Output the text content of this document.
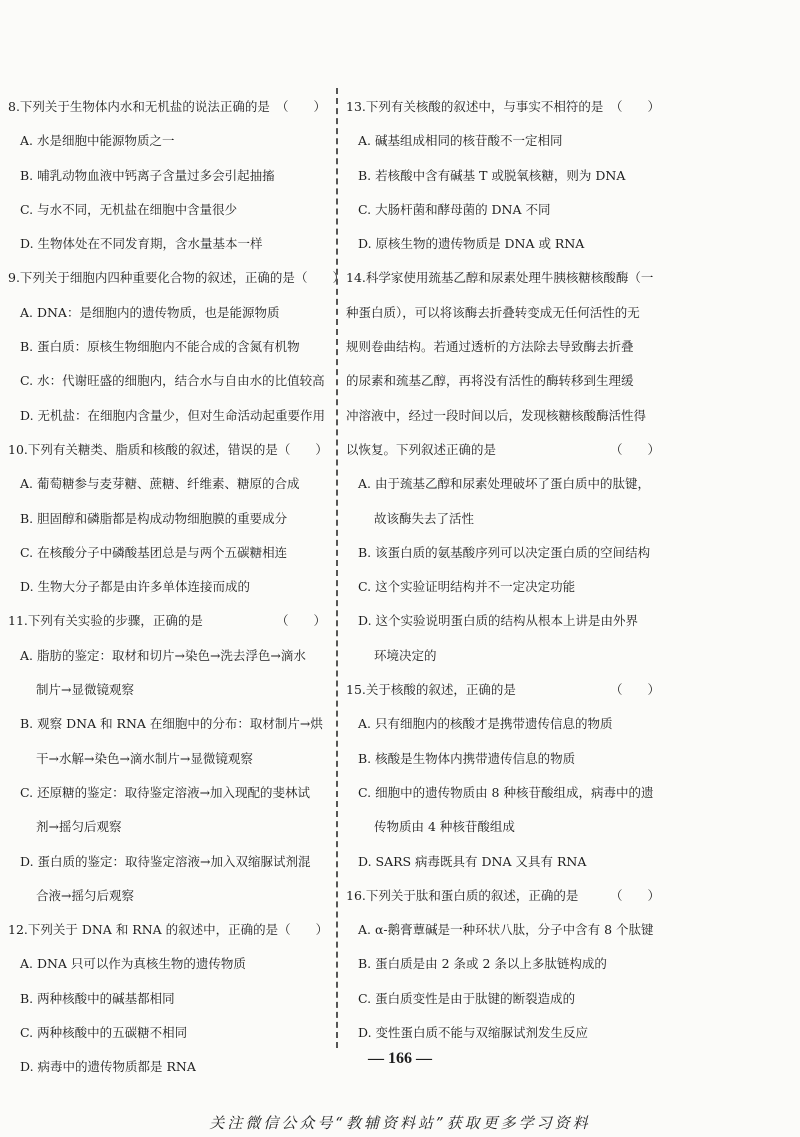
8.下列关于生物体内水和无机盐的说法正确的是 （　　）
A. 水是细胞中能源物质之一
B. 哺乳动物血液中钙离子含量过多会引起抽搐
C. 与水不同，无机盐在细胞中含量很少
D. 生物体处在不同发育期，含水量基本一样
9.下列关于细胞内四种重要化合物的叙述，正确的是 （　　）
A. DNA：是细胞内的遗传物质，也是能源物质
B. 蛋白质：原核生物细胞内不能合成的含氮有机物
C. 水：代谢旺盛的细胞内，结合水与自由水的比值较高
D. 无机盐：在细胞内含量少，但对生命活动起重要作用
10.下列有关糖类、脂质和核酸的叙述，错误的是 （　　）
A. 葡萄糖参与麦芽糖、蔗糖、纤维素、糖原的合成
B. 胆固醇和磷脂都是构成动物细胞膜的重要成分
C. 在核酸分子中磷酸基团总是与两个五碳糖相连
D. 生物大分子都是由许多单体连接而成的
11.下列有关实验的步骤，正确的是	（　　）
A. 脂肪的鉴定：取材和切片→染色→洗去浮色→滴水
制片→显微镜观察
B. 观察 DNA 和 RNA 在细胞中的分布：取材制片→烘
干→水解→染色→滴水制片→显微镜观察
C. 还原糖的鉴定：取待鉴定溶液→加入现配的斐林试
剂→摇匀后观察
D. 蛋白质的鉴定：取待鉴定溶液→加入双缩脲试剂混
合液→摇匀后观察
12.下列关于 DNA 和 RNA 的叙述中，正确的是 （　　）
A. DNA 只可以作为真核生物的遗传物质
B. 两种核酸中的碱基都相同
C. 两种核酸中的五碳糖不相同
D. 病毒中的遗传物质都是 RNA
13.下列有关核酸的叙述中，与事实不相符的是 （　　）
A. 碱基组成相同的核苷酸不一定相同
B. 若核酸中含有碱基 T 或脱氧核糖，则为 DNA
C. 大肠杆菌和酵母菌的 DNA 不同
D. 原核生物的遗传物质是 DNA 或 RNA
14.科学家使用巯基乙醇和尿素处理牛胰核糖核酸酶（一
种蛋白质），可以将该酶去折叠转变成无任何活性的无
规则卷曲结构。若通过透析的方法除去导致酶去折叠
的尿素和巯基乙醇，再将没有活性的酶转移到生理缓
冲溶液中，经过一段时间以后，发现核糖核酸酶活性得
以恢复。下列叙述正确的是	（　　）
A. 由于巯基乙醇和尿素处理破坏了蛋白质中的肽键，
故该酶失去了活性
B. 该蛋白质的氨基酸序列可以决定蛋白质的空间结构
C. 这个实验证明结构并不一定决定功能
D. 这个实验说明蛋白质的结构从根本上讲是由外界
环境决定的
15.关于核酸的叙述，正确的是	（　　）
A. 只有细胞内的核酸才是携带遗传信息的物质
B. 核酸是生物体内携带遗传信息的物质
C. 细胞中的遗传物质由 8 种核苷酸组成，病毒中的遗
传物质由 4 种核苷酸组成
D. SARS 病毒既具有 DNA 又具有 RNA
16.下列关于肽和蛋白质的叙述，正确的是	（　　）
A. α-鹅膏蕈碱是一种环状八肽，分子中含有 8 个肽键
B. 蛋白质是由 2 条或 2 条以上多肽链构成的
C. 蛋白质变性是由于肽键的断裂造成的
D. 变性蛋白质不能与双缩脲试剂发生反应
— 166 —
关注微信公众号“教辅资料站”获取更多学习资料
